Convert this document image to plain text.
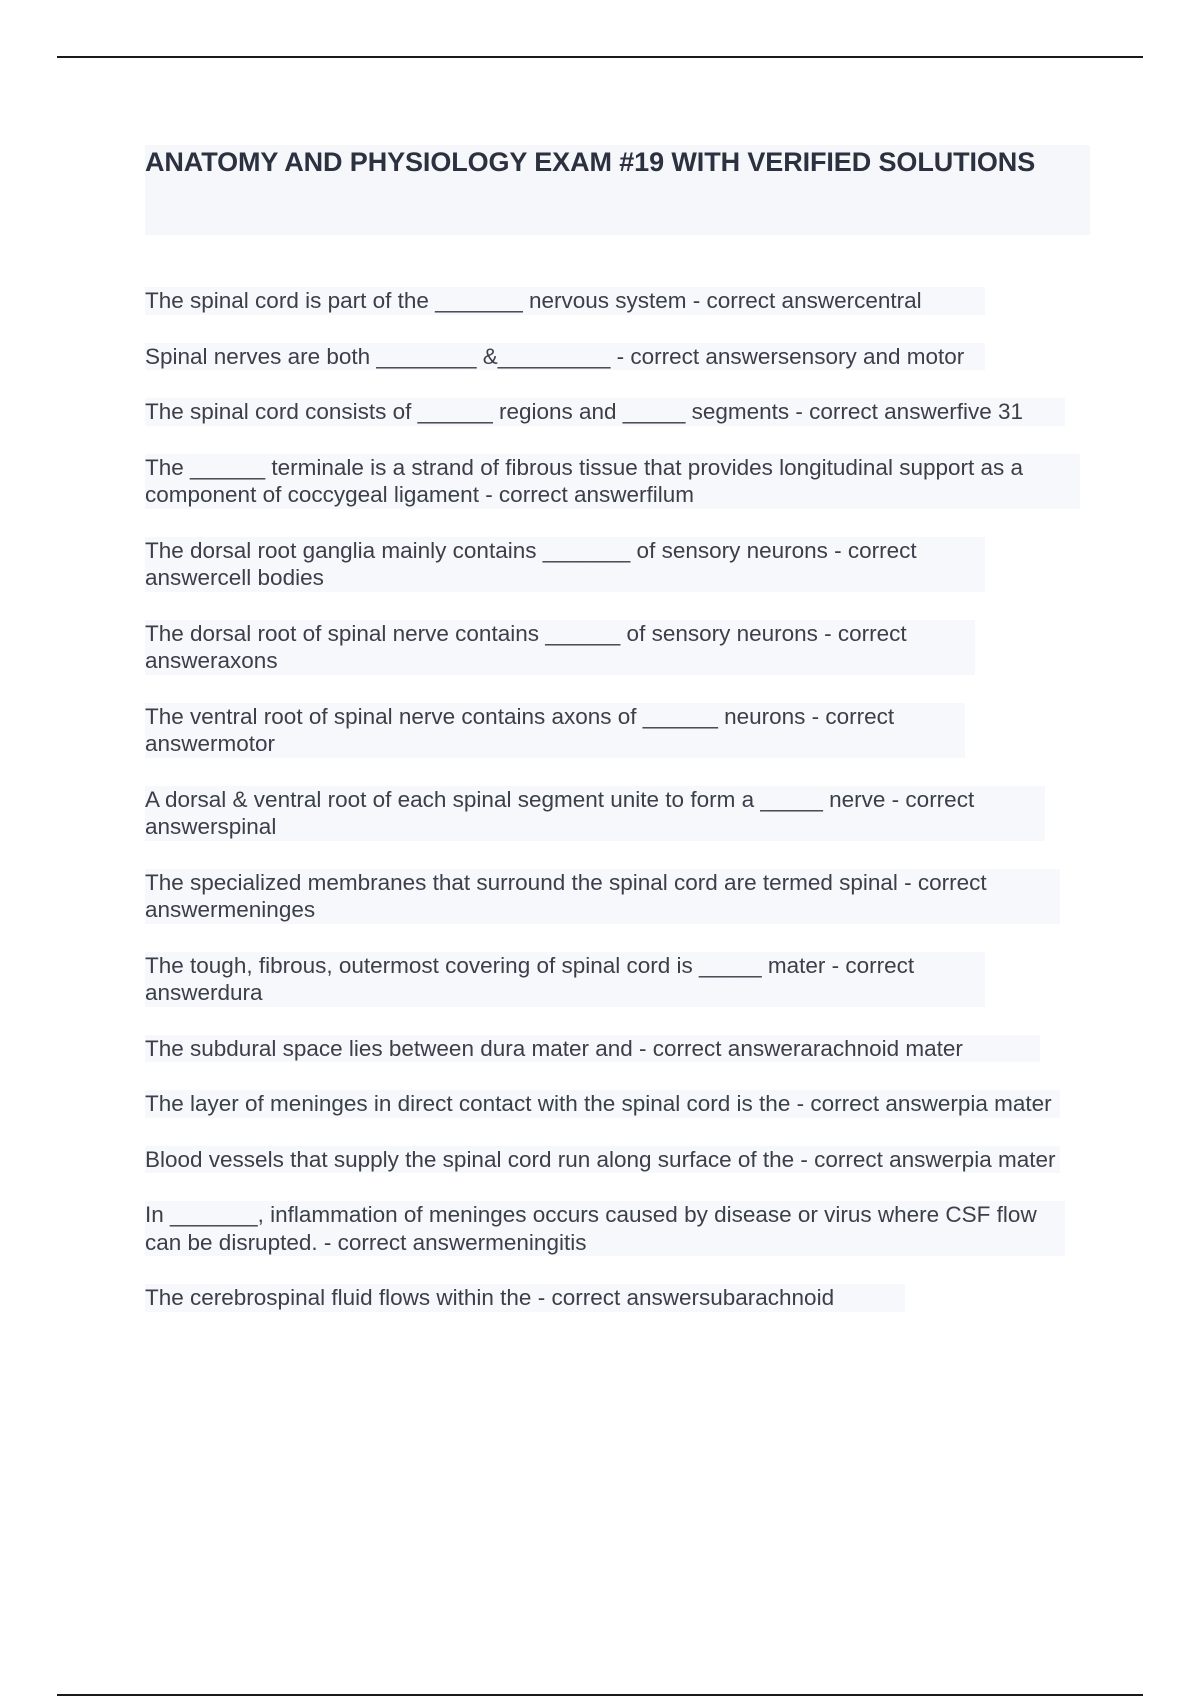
ANATOMY AND PHYSIOLOGY EXAM #19 WITH VERIFIED SOLUTIONS
The spinal cord is part of the _______ nervous system - correct answercentral
Spinal nerves are both ________ &_________ - correct answersensory and motor
The spinal cord consists of ______ regions and _____ segments - correct answerfive 31
The ______ terminale is a strand of fibrous tissue that provides longitudinal support as a component of coccygeal ligament - correct answerfilum
The dorsal root ganglia mainly contains _______ of sensory neurons - correct answercell bodies
The dorsal root of spinal nerve contains ______ of sensory neurons - correct answeraxons
The ventral root of spinal nerve contains axons of ______ neurons - correct answermotor
A dorsal & ventral root of each spinal segment unite to form a _____ nerve - correct answerspinal
The specialized membranes that surround the spinal cord are termed spinal - correct answermeninges
The tough, fibrous, outermost covering of spinal cord is _____ mater - correct answerdura
The subdural space lies between dura mater and - correct answerarachnoid mater
The layer of meninges in direct contact with the spinal cord is the - correct answerpia mater
Blood vessels that supply the spinal cord run along surface of the - correct answerpia mater
In _______, inflammation of meninges occurs caused by disease or virus where CSF flow can be disrupted. - correct answermeningitis
The cerebrospinal fluid flows within the - correct answersubarachnoid
